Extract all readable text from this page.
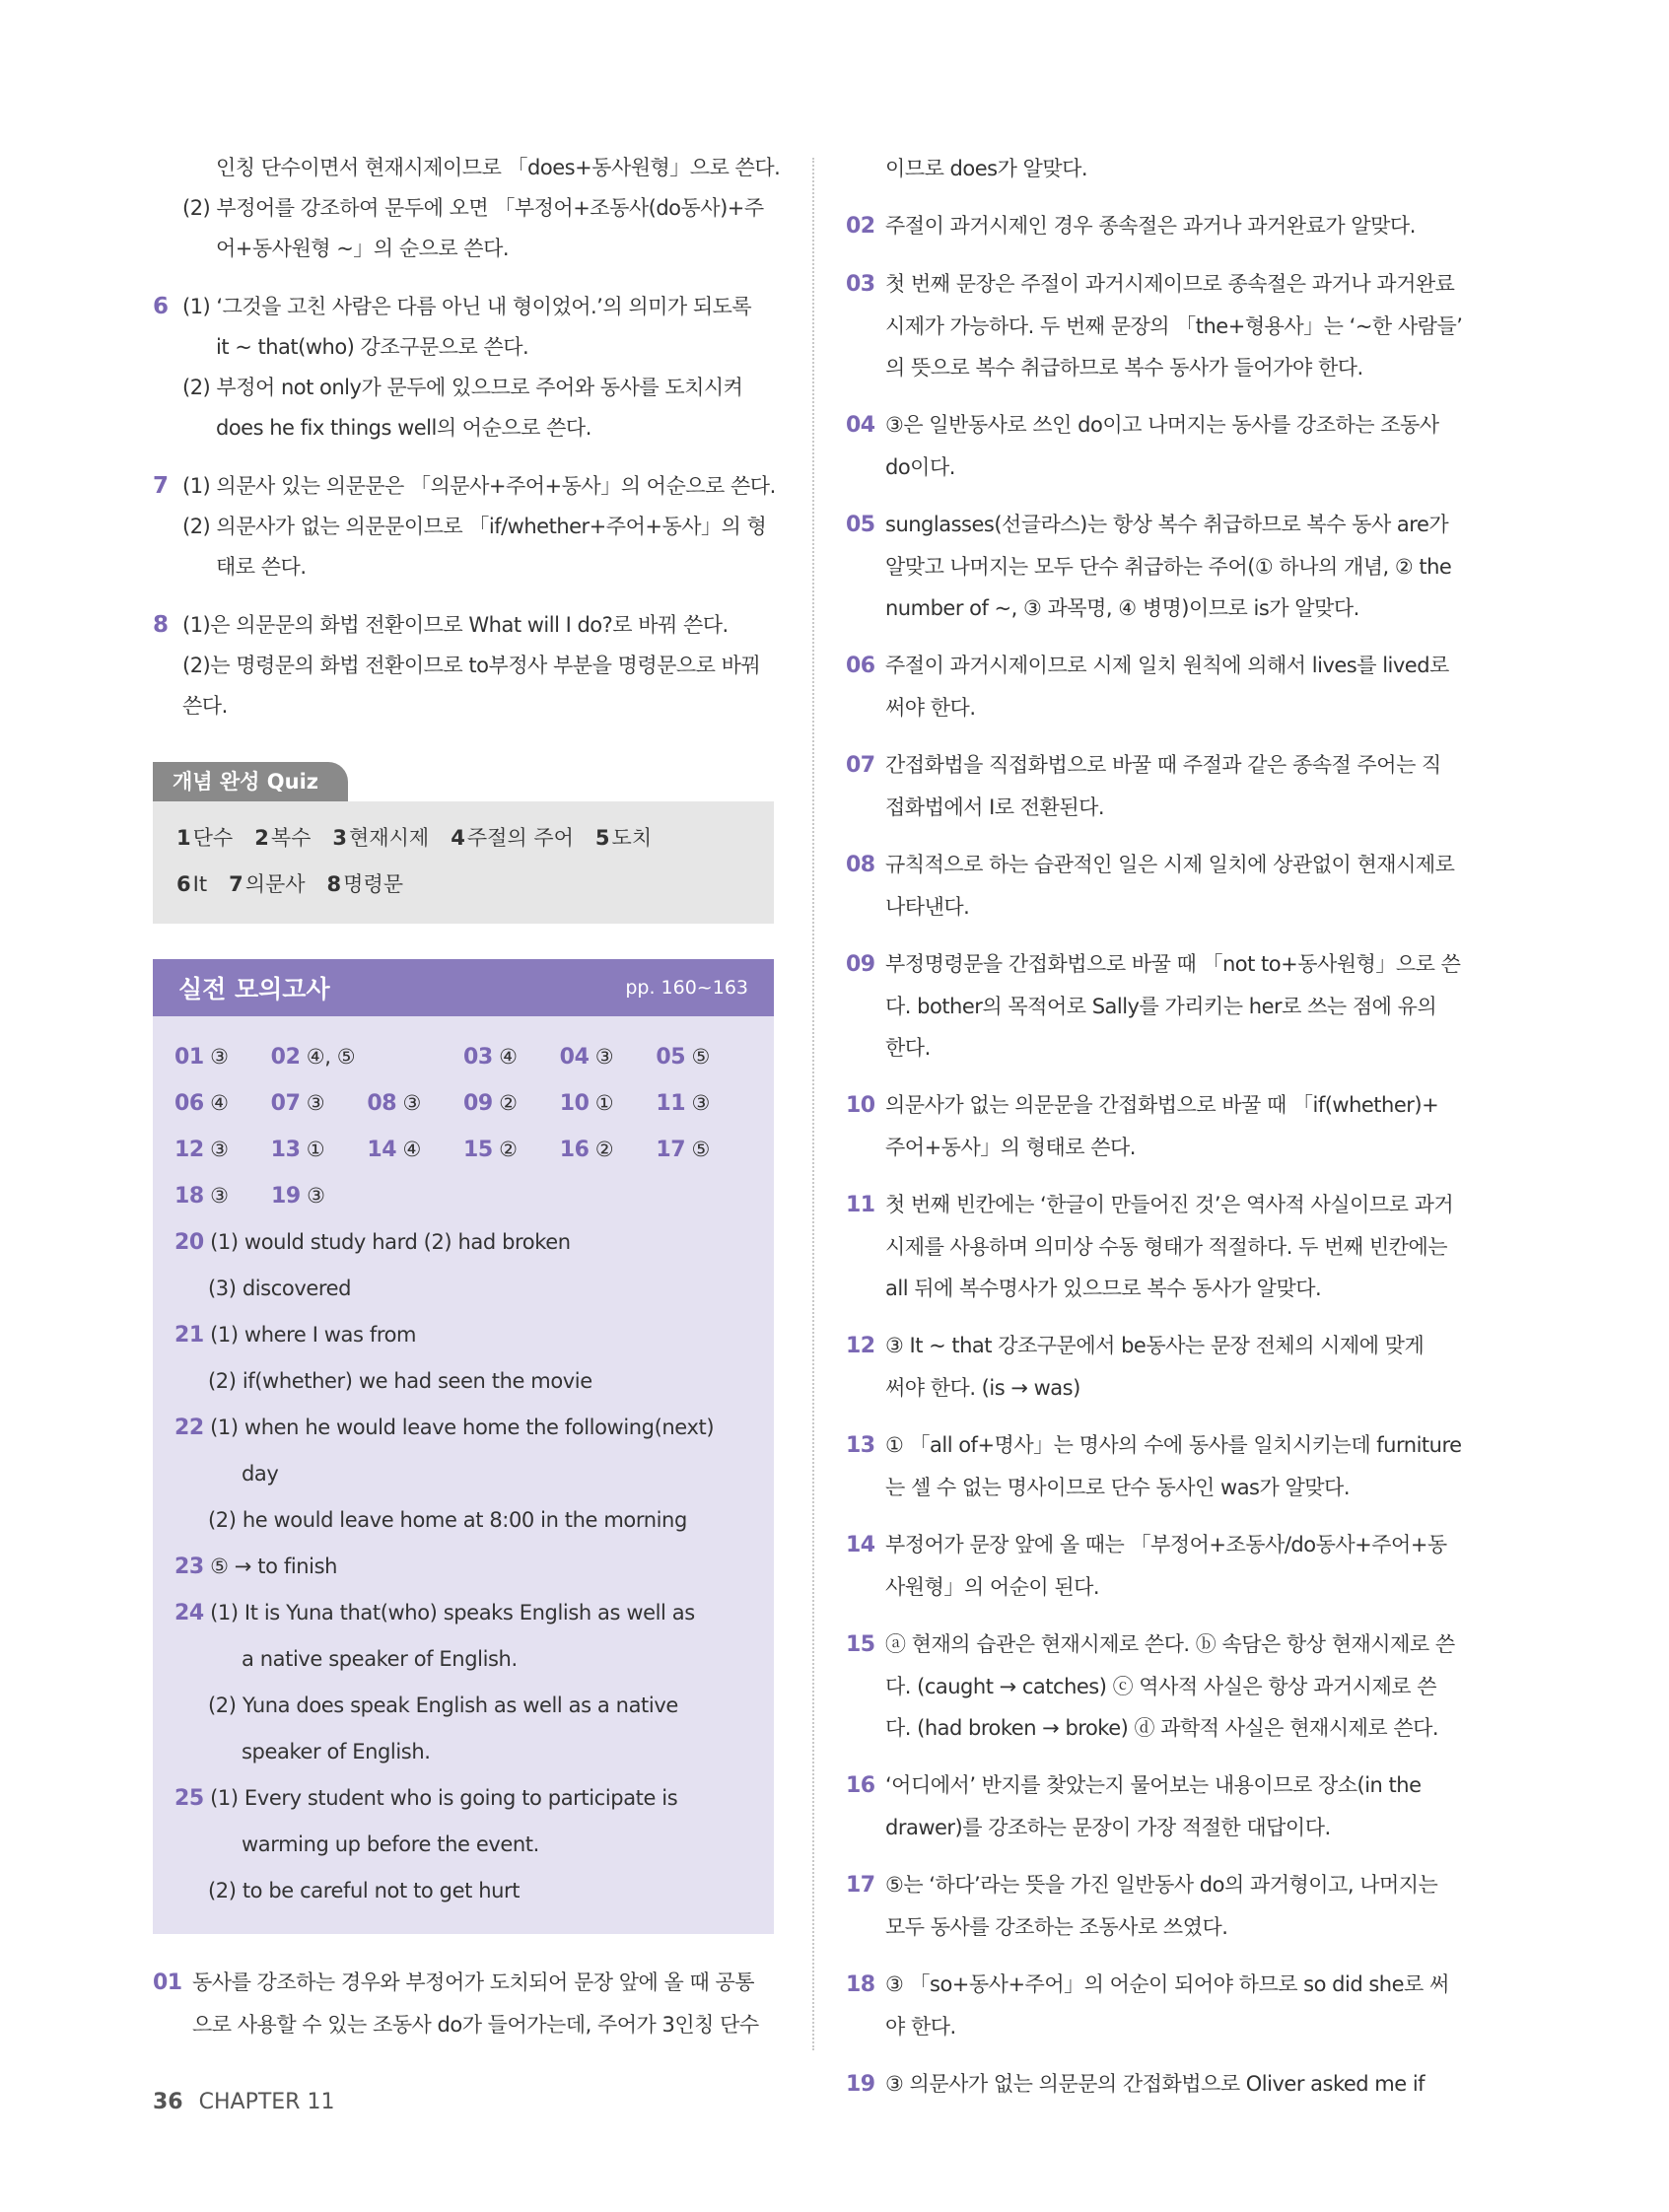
인칭 단수이면서 현재시제이므로 「does+동사원형」으로 쓴다.
(2) 부정어를 강조하여 문두에 오면 「부정어+조동사(do동사)+주
어+동사원형 ~」의 순으로 쓴다.
6 (1) ‘그것을 고친 사람은 다름 아닌 내 형이었어.’의 의미가 되도록
it ~ that(who) 강조구문으로 쓴다.
(2) 부정어 not only가 문두에 있으므로 주어와 동사를 도치시켜
does he fix things well의 어순으로 쓴다.
7 (1) 의문사 있는 의문문은 「의문사+주어+동사」의 어순으로 쓴다.
(2) 의문사가 없는 의문문이므로 「if/whether+주어+동사」의 형
태로 쓴다.
8 (1)은 의문문의 화법 전환이므로 What will I do?로 바꿔 쓴다.
(2)는 명령문의 화법 전환이므로 to부정사 부분을 명령문으로 바꿔
쓴다.
개념 완성 Quiz
1단수 2복수 3현재시제 4주절의 주어 5도치
6It 7의문사 8명령문
실전 모의고사	pp. 160~163
01 ③	02 ④, ⑤	03 ④	04 ③	05 ⑤
06 ④	07 ③	08 ③	09 ②	10 ①	11 ③
12 ③	13 ①	14 ④	15 ②	16 ②	17 ⑤
18 ③	19 ③
20 (1) would study hard (2) had broken
(3) discovered
21 (1) where I was from
(2) if(whether) we had seen the movie
22 (1) when he would leave home the following(next)
day
(2) he would leave home at 8:00 in the morning
23 ⑤ → to finish
24 (1) It is Yuna that(who) speaks English as well as
a native speaker of English.
(2) Yuna does speak English as well as a native
speaker of English.
25 (1) Every student who is going to participate is
warming up before the event.
(2) to be careful not to get hurt
01 동사를 강조하는 경우와 부정어가 도치되어 문장 앞에 올 때 공통
으로 사용할 수 있는 조동사 do가 들어가는데, 주어가 3인칭 단수
이므로 does가 알맞다.
02 주절이 과거시제인 경우 종속절은 과거나 과거완료가 알맞다.
03 첫 번째 문장은 주절이 과거시제이므로 종속절은 과거나 과거완료
시제가 가능하다. 두 번째 문장의 「the+형용사」는 ‘~한 사람들’
의 뜻으로 복수 취급하므로 복수 동사가 들어가야 한다.
04 ③은 일반동사로 쓰인 do이고 나머지는 동사를 강조하는 조동사
do이다.
05 sunglasses(선글라스)는 항상 복수 취급하므로 복수 동사 are가
알맞고 나머지는 모두 단수 취급하는 주어(① 하나의 개념, ② the
number of ~, ③ 과목명, ④ 병명)이므로 is가 알맞다.
06 주절이 과거시제이므로 시제 일치 원칙에 의해서 lives를 lived로
써야 한다.
07 간접화법을 직접화법으로 바꿀 때 주절과 같은 종속절 주어는 직
접화법에서 I로 전환된다.
08 규칙적으로 하는 습관적인 일은 시제 일치에 상관없이 현재시제로
나타낸다.
09 부정명령문을 간접화법으로 바꿀 때 「not to+동사원형」으로 쓴
다. bother의 목적어로 Sally를 가리키는 her로 쓰는 점에 유의
한다.
10 의문사가 없는 의문문을 간접화법으로 바꿀 때 「if(whether)+
주어+동사」의 형태로 쓴다.
11 첫 번째 빈칸에는 ‘한글이 만들어진 것’은 역사적 사실이므로 과거
시제를 사용하며 의미상 수동 형태가 적절하다. 두 번째 빈칸에는
all 뒤에 복수명사가 있으므로 복수 동사가 알맞다.
12 ③ It ~ that 강조구문에서 be동사는 문장 전체의 시제에 맞게
써야 한다. (is → was)
13 ① 「all of+명사」는 명사의 수에 동사를 일치시키는데 furniture
는 셀 수 없는 명사이므로 단수 동사인 was가 알맞다.
14 부정어가 문장 앞에 올 때는 「부정어+조동사/do동사+주어+동
사원형」의 어순이 된다.
15 ⓐ 현재의 습관은 현재시제로 쓴다. ⓑ 속담은 항상 현재시제로 쓴
다. (caught → catches) ⓒ 역사적 사실은 항상 과거시제로 쓴
다. (had broken → broke) ⓓ 과학적 사실은 현재시제로 쓴다.
16 ‘어디에서’ 반지를 찾았는지 물어보는 내용이므로 장소(in the
drawer)를 강조하는 문장이 가장 적절한 대답이다.
17 ⑤는 ‘하다’라는 뜻을 가진 일반동사 do의 과거형이고, 나머지는
모두 동사를 강조하는 조동사로 쓰였다.
18 ③ 「so+동사+주어」의 어순이 되어야 하므로 so did she로 써
야 한다.
19 ③ 의문사가 없는 의문문의 간접화법으로 Oliver asked me if
36 CHAPTER 11
